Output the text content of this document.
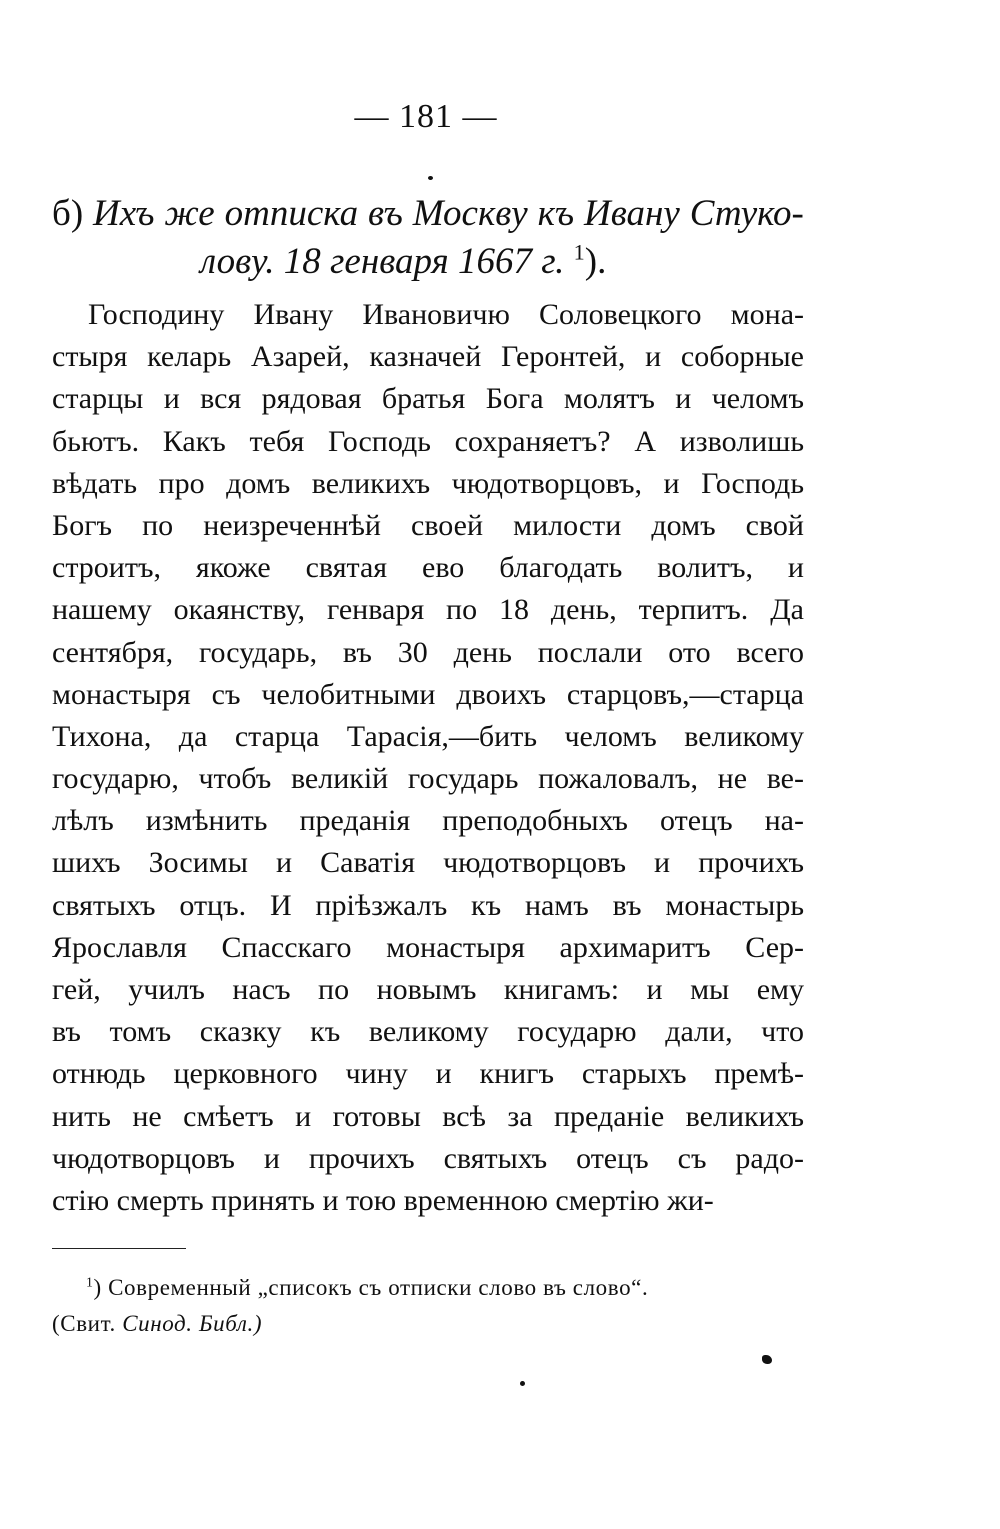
— 181 —
б) Ихъ же отписка въ Москву къ Ивану Стуко-
лову. 18 генваря 1667 г. $^1$).
Господину Ивану Ивановичю Соловецкого мона-
стыря келарь Азарей, казначей Геронтей, и соборные
старцы и вся рядовая братья Бога молятъ и челомъ
бьютъ. Какъ тебя Господь сохраняетъ? А изволишь
вѣдать про домъ великихъ чюдотворцовъ, и Господь
Богъ по неизреченнѣй своей милости домъ свой
строитъ, якоже святая ево благодать волитъ, и
нашему окаянству, генваря по 18 день, терпитъ. Да
сентября, государь, въ 30 день послали ото всего
монастыря съ челобитными двоихъ старцовъ,—старца
Тихона, да старца Тарасія,—бить челомъ великому
государю, чтобъ великій государь пожаловалъ, не ве-
лѣлъ измѣнить преданія преподобныхъ отецъ на-
шихъ Зосимы и Саватія чюдотворцовъ и прочихъ
святыхъ отцъ. И пріѣзжалъ къ намъ въ монастырь
Ярославля Спасскаго монастыря архимаритъ Сер-
гей, училъ насъ по новымъ книгамъ: и мы ему
въ томъ сказку къ великому государю дали, что
отнюдь церковного чину и книгъ старыхъ премѣ-
нить не смѣетъ и готовы всѣ за преданіе великихъ
чюдотворцовъ и прочихъ святыхъ отецъ съ радо-
стію смерть принять и тою временною смертію жи-
$^1$) Современный „списокъ съ отписки слово въ слово“.
(Свит. Синод. Библ.)
